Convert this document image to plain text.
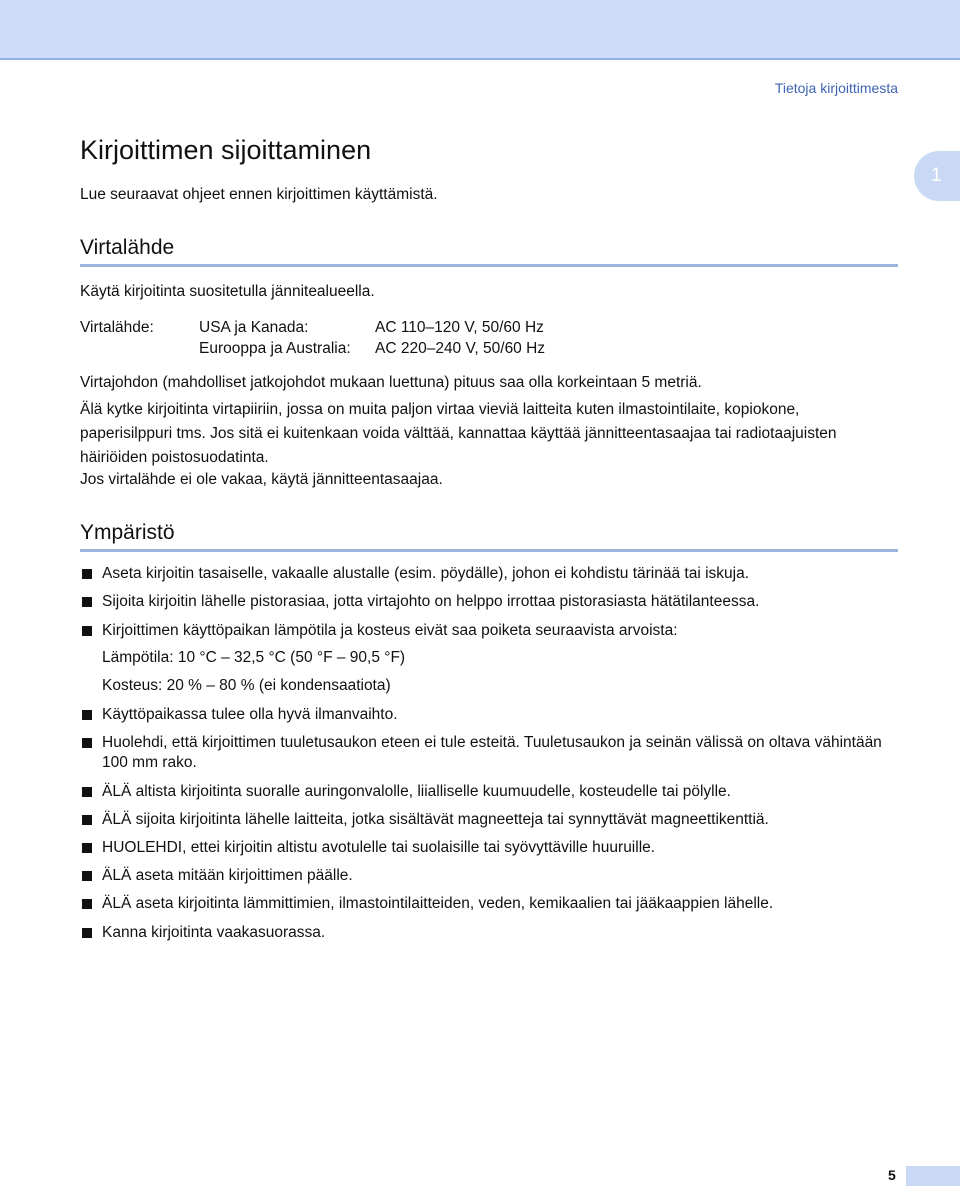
Tietoja kirjoittimesta
1
Kirjoittimen sijoittaminen

Lue seuraavat ohjeet ennen kirjoittimen käyttämistä.

Virtalähde

Käytä kirjoitinta suositetulla jännitealueella.

Virtalähde:	USA ja Kanada:	AC 110–120 V, 50/60 Hz
Eurooppa ja Australia: AC 220–240 V, 50/60 Hz

Virtajohdon (mahdolliset jatkojohdot mukaan luettuna) pituus saa olla korkeintaan 5 metriä.

Älä kytke kirjoitinta virtapiiriin, jossa on muita paljon virtaa vieviä laitteita kuten ilmastointilaite, kopiokone, paperisilppuri tms. Jos sitä ei kuitenkaan voida välttää, kannattaa käyttää jännitteentasaajaa tai radiotaajuisten häiriöiden poistosuodatinta.

Jos virtalähde ei ole vakaa, käytä jännitteentasaajaa.

Ympäristö
Aseta kirjoitin tasaiselle, vakaalle alustalle (esim. pöydälle), johon ei kohdistu tärinää tai iskuja.
Sijoita kirjoitin lähelle pistorasiaa, jotta virtajohto on helppo irrottaa pistorasiasta hätätilanteessa.
Kirjoittimen käyttöpaikan lämpötila ja kosteus eivät saa poiketa seuraavista arvoista:
Lämpötila: 10 °C – 32,5 °C (50 °F – 90,5 °F)
Kosteus: 20 % – 80 % (ei kondensaatiota)
Käyttöpaikassa tulee olla hyvä ilmanvaihto.
Huolehdi, että kirjoittimen tuuletusaukon eteen ei tule esteitä. Tuuletusaukon ja seinän välissä on oltava vähintään 100 mm rako.
ÄLÄ altista kirjoitinta suoralle auringonvalolle, liialliselle kuumuudelle, kosteudelle tai pölylle.
ÄLÄ sijoita kirjoitinta lähelle laitteita, jotka sisältävät magneetteja tai synnyttävät magneettikenttiä.
HUOLEHDI, ettei kirjoitin altistu avotulelle tai suolaisille tai syövyttäville huuruille.
ÄLÄ aseta mitään kirjoittimen päälle.
ÄLÄ aseta kirjoitinta lämmittimien, ilmastointilaitteiden, veden, kemikaalien tai jääkaappien lähelle.
Kanna kirjoitinta vaakasuorassa.
5
